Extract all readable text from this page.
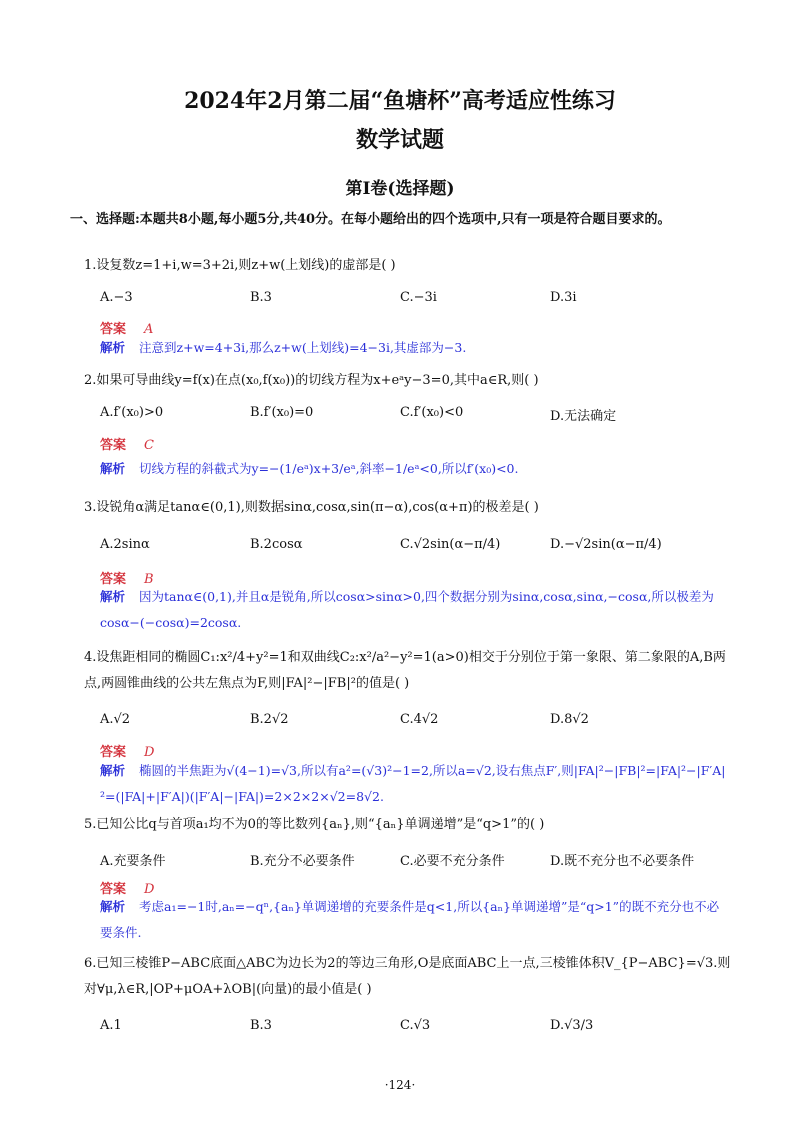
2024年2月第二届“鱼塘杯”高考适应性练习
数学试题
第Ⅰ卷(选择题)
一、选择题:本题共8小题,每小题5分,共40分。在每小题给出的四个选项中,只有一项是符合题目要求的。
1.设复数z=1+i,w=3+2i,则z+w(上划线)的虚部是( )
A.−3	B.3	C.−3i	D.3i
答案 A
解析 注意到z+w=4+3i,那么z+w(上划线)=4−3i,其虚部为−3.
2.如果可导曲线y=f(x)在点(x₀,f(x₀))的切线方程为x+eᵃy−3=0,其中a∈R,则( )
A.f′(x₀)>0	B.f′(x₀)=0	C.f′(x₀)<0	D.无法确定
答案 C
解析 切线方程的斜截式为y=−(1/eᵃ)x+3/eᵃ,斜率−1/eᵃ<0,所以f′(x₀)<0.
3.设锐角α满足tanα∈(0,1),则数据sinα,cosα,sin(π−α),cos(α+π)的极差是( )
A.2sinα	B.2cosα	C.√2sin(α−π/4)	D.−√2sin(α−π/4)
答案 B
解析 因为tanα∈(0,1),并且α是锐角,所以cosα>sinα>0,四个数据分别为sinα,cosα,sinα,−cosα,所以极差为cosα−(−cosα)=2cosα.
4.设焦距相同的椭圆C₁:x²/4+y²=1和双曲线C₂:x²/a²−y²=1(a>0)相交于分别位于第一象限、第二象限的A,B两点,两圆锥曲线的公共左焦点为F,则|FA|²−|FB|²的值是( )
A.√2	B.2√2	C.4√2	D.8√2
答案 D
解析 椭圆的半焦距为√(4−1)=√3,所以有a²=(√3)²−1=2,所以a=√2,设右焦点F′,则|FA|²−|FB|²=|FA|²−|F′A|²=(|FA|+|F′A|)(|F′A|−|FA|)=2×2×2×√2=8√2.
5.已知公比q与首项a₁均不为0的等比数列{aₙ},则“{aₙ}单调递增”是“q>1”的( )
A.充要条件	B.充分不必要条件	C.必要不充分条件	D.既不充分也不必要条件
答案 D
解析 考虑a₁=−1时,aₙ=−qⁿ,{aₙ}单调递增的充要条件是q<1,所以{aₙ}单调递增”是“q>1”的既不充分也不必要条件.
6.已知三棱锥P−ABC底面△ABC为边长为2的等边三角形,O是底面ABC上一点,三棱锥体积V_{P−ABC}=√3.则对∀μ,λ∈R,|OP+μOA+λOB|(向量)的最小值是( )
A.1	B.3	C.√3	D.√3/3
·124·
